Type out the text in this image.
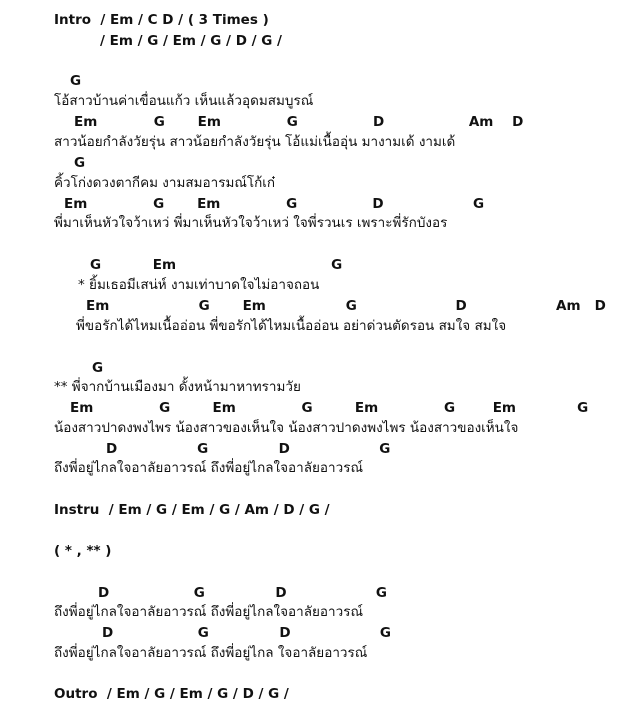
Intro  / Em / C D / ( 3 Times )
/ Em / G / Em / G / D / G /
G
โอ้สาวบ้านค่าเขื่อนแก้ว เห็นแล้วอุดมสมบูรณ์
Em            G       Em              G                D                  Am    D
สาวน้อยกำลังวัยรุ่น สาวน้อยกำลังวัยรุ่น โอ้แม่เนื้ออุ่น มางามเด้ งามเด้
G
คิ้วโก่งดวงตากีคม งามสมอารมณ์โก้เก๋
Em              G       Em              G                D                   G
พี่มาเห็นหัวใจว้าเหว่ พี่มาเห็นหัวใจว้าเหว่ ใจพี่รวนเร เพราะพี่รักบังอร
G           Em                                 G
* ยิ้มเธอมีเสน่ห์ งามเท่าบาดใจไม่อาจถอน
Em                   G       Em                 G                     D                   Am   D
พี่ขอรักได้ไหมเนื้ออ่อน พี่ขอรักได้ไหมเนื้ออ่อน อย่าด่วนตัดรอน สมใจ สมใจ
G
** พี่จากบ้านเมืองมา ดั้งหน้ามาหาทรามวัย
Em              G         Em              G         Em              G        Em             G
น้องสาวปาดงพงไพร น้องสาวของเห็นใจ น้องสาวปาดงพงไพร น้องสาวของเห็นใจ
D                 G               D                   G
ถึงพี่อยู่ไกลใจอาลัยอาวรณ์ ถึงพี่อยู่ไกลใจอาลัยอาวรณ์
Instru  / Em / G / Em / G / Am / D / G /
( * , ** )
D                  G               D                   G
ถึงพี่อยู่ไกลใจอาลัยอาวรณ์ ถึงพี่อยู่ไกลใจอาลัยอาวรณ์
D                  G               D                   G
ถึงพี่อยู่ไกลใจอาลัยอาวรณ์ ถึงพี่อยู่ไกล ใจอาลัยอาวรณ์
Outro  / Em / G / Em / G / D / G /
